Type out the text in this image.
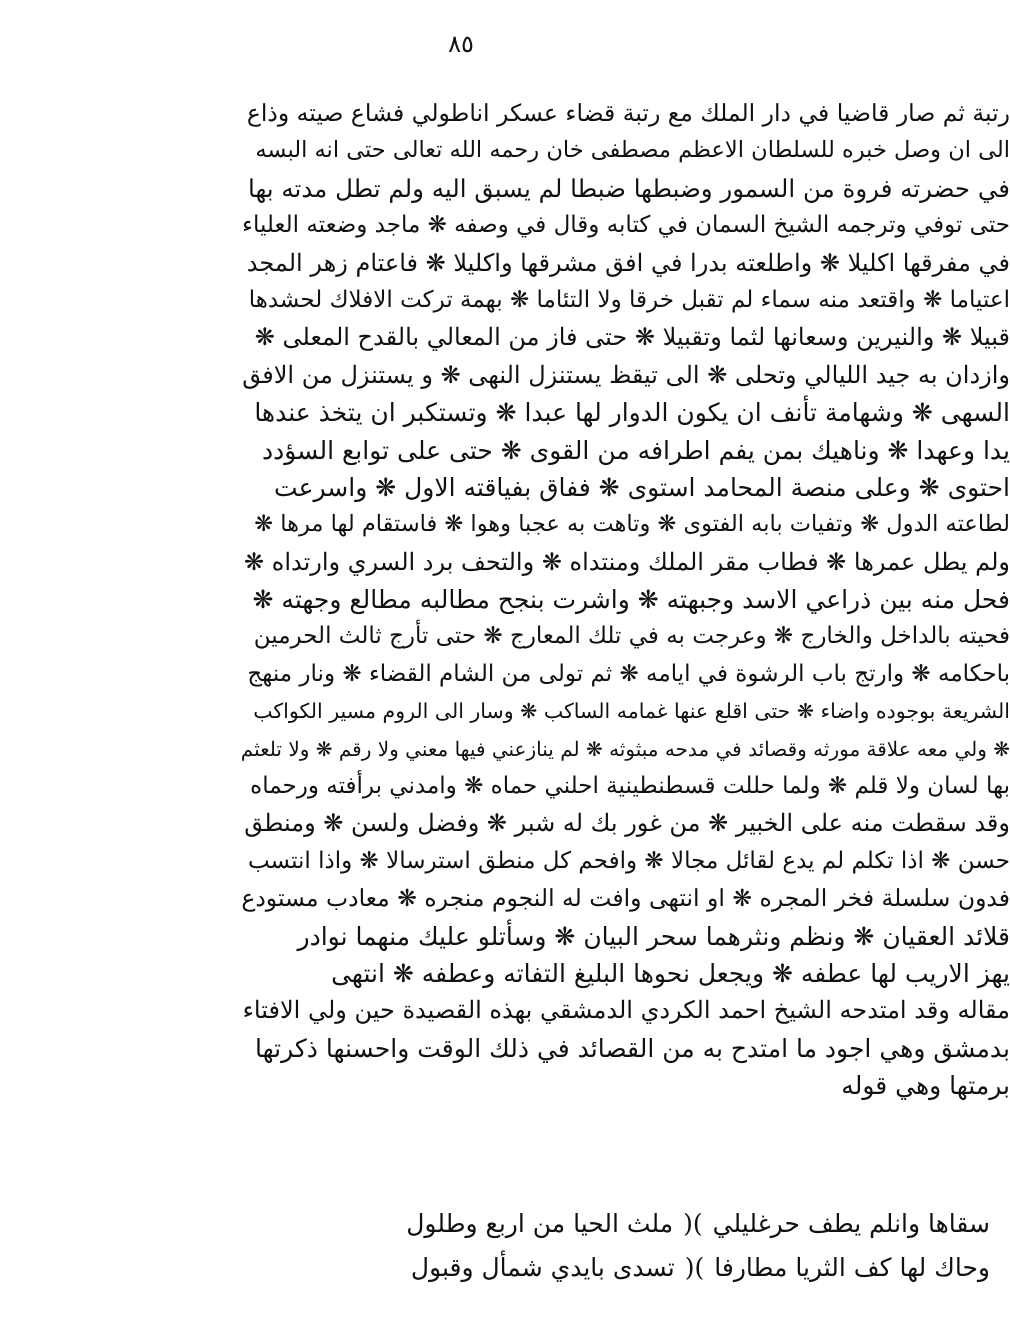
٨٥
رتبة ثم صار قاضيا في دار الملك مع رتبة قضاء عسكر اناطولي فشاع صيته وذاع
الى ان وصل خبره للسلطان الاعظم مصطفى خان رحمه الله تعالى حتى انه البسه
في حضرته فروة من السمور وضبطها ضبطا لم يسبق اليه ولم تطل مدته بها
حتى توفي وترجمه الشيخ السمان في كتابه وقال في وصفه ❋ ماجد وضعته العلياء
في مفرقها اكليلا ❋ واطلعته بدرا في افق مشرقها واكليلا ❋ فاعتام زهر المجد
اعتياما ❋ واقتعد منه سماء لم تقبل خرقا ولا التئاما ❋ بهمة تركت الافلاك لحشدها
قبيلا ❋ والنيرين وسعانها لثما وتقبيلا ❋ حتى فاز من المعالي بالقدح المعلى ❋
وازدان به جيد الليالي وتحلى ❋ الى تيقظ يستنزل النهى ❋ و يستنزل من الافق
السهى ❋ وشهامة تأنف ان يكون الدوار لها عبدا ❋ وتستكبر ان يتخذ عندها
يدا وعهدا ❋ وناهيك بمن يفم اطرافه من القوى ❋ حتى على توابع السؤدد
احتوى ❋ وعلى منصة المحامد استوى ❋ ففاق بفياقته الاول ❋ واسرعت
لطاعته الدول ❋ وتفيات بابه الفتوى ❋ وتاهت به عجبا وهوا ❋ فاستقام لها مرها ❋
ولم يطل عمرها ❋ فطاب مقر الملك ومنتداه ❋ والتحف برد السري وارتداه ❋
فحل منه بين ذراعي الاسد وجبهته ❋ واشرت بنجح مطالبه مطالع وجهته ❋
فحيته بالداخل والخارج ❋ وعرجت به في تلك المعارج ❋ حتى تأرج ثالث الحرمين
باحكامه ❋ وارتج باب الرشوة في ايامه ❋ ثم تولى من الشام القضاء ❋ ونار منهج
الشريعة بوجوده واضاء ❋ حتى اقلع عنها غمامه الساكب ❋ وسار الى الروم مسير الكواكب
❋ ولي معه علاقة مورثه وقصائد في مدحه مبثوثه ❋ لم ينازعني فيها معني ولا رقم ❋ ولا تلعثم
بها لسان ولا قلم ❋ ولما حللت قسطنطينية احلني حماه ❋ وامدني برأفته ورحماه
وقد سقطت منه على الخبير ❋ من غور بك له شبر ❋ وفضل ولسن ❋ ومنطق
حسن ❋ اذا تكلم لم يدع لقائل مجالا ❋ وافحم كل منطق استرسالا ❋ واذا انتسب
فدون سلسلة فخر المجره ❋ او انتهى وافت له النجوم منجره ❋ معادب مستودع
قلائد العقيان ❋ ونظم ونثرهما سحر البيان ❋ وسأتلو عليك منهما نوادر
يهز الاريب لها عطفه ❋ ويجعل نحوها البليغ التفاته وعطفه ❋ انتهى
مقاله وقد امتدحه الشيخ احمد الكردي الدمشقي بهذه القصيدة حين ولي الافتاء
بدمشق وهي اجود ما امتدح به من القصائد في ذلك الوقت واحسنها ذكرتها
برمتها وهي قوله
سقاها وانلم يطف حرغليلي
)(
ملث الحيا من اربع وطلول
وحاك لها كف الثريا مطارفا
)(
تسدى بايدي شمأل وقبول
